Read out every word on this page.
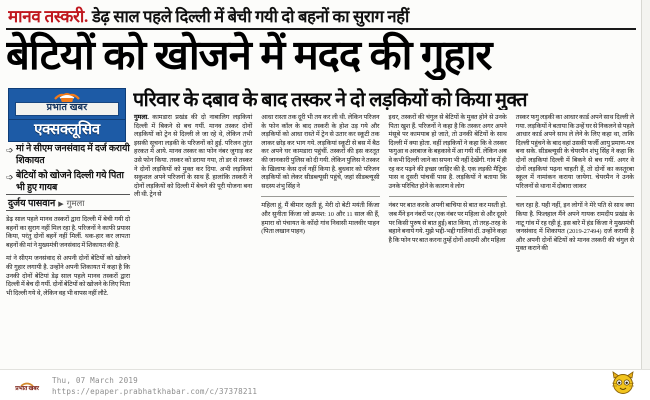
मानव तस्करी. डेढ़ साल पहले दिल्ली में बेची गयी दो बहनों का सुराग नहीं
बेटियों को खोजने में मदद की गुहार
प्रभात खबर
एक्सक्लूसिव
➩ मां ने सीएम जनसंवाद में दर्ज करायी शिकायत
➩ बेटियों को खोजने दिल्ली गये पिता भी हुए गायब
दुर्जय पासवान ▶ गुमला
परिवार के दबाव के बाद तस्कर ने दो लड़कियों को किया मुक्त

डेढ़ साल पहले मानव तस्करों द्वारा दिल्ली में बेची गयी दो बहनों का सुराग नहीं मिल रहा है. परिजनों ने काफी प्रयास किया, परंतु दोनों बहनें नहीं मिलीं. थक-हार कर लापता बहनों की मां ने मुख्यमंत्री जनसंवाद में शिकायत की है.

मां ने सीएम जनसंवाद से अपनी दोनों बेटियों को खोजने की गुहार लगायी है. उन्होंने अपनी शिकायत में कहा है कि उनकी दोनों बेटियां डेढ़ साल पहले मानव तस्करों द्वारा दिल्ली में बेच दी गयीं. दोनों बेटियों को खोजने के लिए पिता भी दिल्ली गये थे, लेकिन वह भी वापस नहीं लौटे.

गुमला. कामडारा प्रखंड की दो नाबालिग लड़कियां दिल्ली में बिकने से बच गयीं. मानव तस्कर दोनों लड़कियों को ट्रेन से दिल्ली ले जा रहे थे, लेकिन तभी इसकी सूचना लड़की के परिजनों को हुई. परिजन तुरंत हरकत में आये. मानव तस्कर का फोन नंबर जुगाड़ कर उसे फोन किया. तस्कर को डराया गया, तो डर से तस्कर ने दोनों लड़कियों को मुक्त कर दिया. अभी लड़कियां सकुशल अपने परिजनों के साथ हैं. हालांकि तस्करी ने दोनों लड़कियों को दिल्ली में बेचने की पूरी योजना बना ली थी. ट्रेन से

आधा रास्ता तक दूरी भी तय कर ली थी. लेकिन परिजन के फोन कॉल के बाद तस्करी के होश उड़ गये और लड़कियों को आधा रास्ते में ट्रेन से उतार कर स्कूटी तक लाकर छोड़ कर भाग गये. लड़कियां स्कूटी से बस में बैठ कर अपने घर कामडारा पहुंचीं. तस्करों की इस करतूत की जानकारी पुलिस को दी गयी. लेकिन पुलिस ने तस्कर के खिलाफ केस दर्ज नहीं किया है. बुधवार को परिजन लड़कियों को लेकर सीडब्ल्यूसी पहुंचे, जहां सीडब्ल्यूसी सदस्य शंभु सिंह ने

महिला हूं, मैं बीमार रहती हूं, मेरी दो बेटी मयंती किंजा और सुनीता किंजा जो क्रमश: 10 और 11 साल की हैं, हमारा वो पंचायत के कोंदो गांव निवासी मालवीर पाहन (पिता लखान पाहन)

इधर, तस्करों की चंगुल से बेटियों के मुक्त होने से उनके पिता खुश हैं. परिजनों ने कहा है कि तस्कर अगर अपने मंसूबे पर कामयाब हो जाते, तो उनकी बेटियों के साथ दिल्ली में क्या होता. वहीं लड़कियों ने कहा कि वे तस्कर फगुआ व अरबाज के बहकावे में आ गयी थीं. लेकिन अब वे कभी दिल्ली जाने का सपना भी नहीं देखेंगी. गांव में ही रह कर पढ़ने की इच्छा जाहिर की है. एक लड़की मैट्रिक पास व दूसरी पांचवीं पास है. लड़कियों ने बताया कि उनके परिचित होने के कारण वे लोग

नंबर पर बात करके अपनी बाचिया से बात कर मस्ती हो. जब मैंने इन नंबरों पर (एक नंबर पर महिला से और दूसरे पर किसी पुरुष से बात हुई) बात किया, तो तरह-तरह के बहाने बनाये गये. मुझे भद्दी-भद्दी गालियां दीं. उन्होंने कहा है कि फोन पर बात करना तुम्हें दोनों आदमी और महिला

तस्कर फगु लड़की का आधार कार्ड अपने साथ दिल्ली ले गया. लड़कियों ने बताया कि उन्हें घर से निकलने से पहले आधार कार्ड अपने साथ ले लेने के लिए कहा था, ताकि दिल्ली पहुंचने के बाद वहां उसकी फर्जी आयु प्रमाण-पत्र बना सके. सीडब्ल्यूसी के चेयरमैन शंभु सिंह ने कहा कि दोनों लड़कियां दिल्ली में बिकने से बच गयीं. अगर वे दोनों लड़कियां पढ़ना चाहती हैं, तो दोनों का कस्तूरबा स्कूल में नामांकन कराया जायेगा. चेयरमैन ने उनके परिजनों से थाना में दोबारा जाकर

चल रहा है. यही नहीं, इन लोगों ने मेरे पति से साथ क्या किया है. फिलहाल मैंने अपने गायक रामदीप प्रखंड के नाटू गांव में रह रही हूं. इस बारे में हंड किंजा ने मुख्यमंत्री जनसंवाद में शिकायत (2019-27494) दर्ज करायी है और अपनी दोनों बेटियों को मानव तस्करी की चंगुल से मुक्त कराने की

प्रभात खबर
Thu, 07 March 2019
https://epaper.prabhatkhabar.com/c/37378211
